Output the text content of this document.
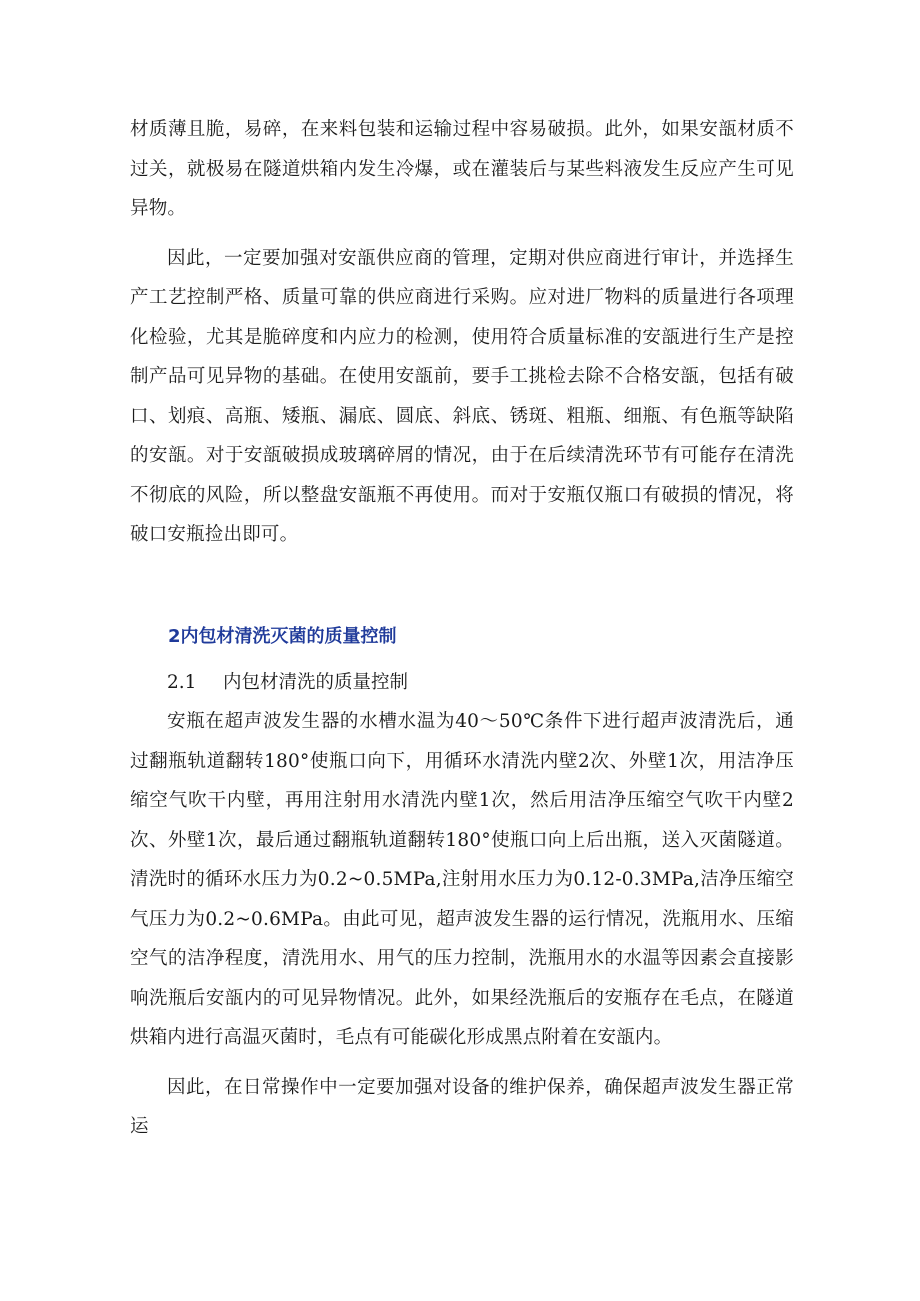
材质薄且脆，易碎，在来料包装和运输过程中容易破损。此外，如果安瓿材质不过关，就极易在隧道烘箱内发生冷爆，或在灌装后与某些料液发生反应产生可见异物。

因此，一定要加强对安瓿供应商的管理，定期对供应商进行审计，并选择生产工艺控制严格、质量可靠的供应商进行采购。应对进厂物料的质量进行各项理化检验，尤其是脆碎度和内应力的检测，使用符合质量标准的安瓿进行生产是控制产品可见异物的基础。在使用安瓿前，要手工挑检去除不合格安瓿，包括有破口、划痕、高瓶、矮瓶、漏底、圆底、斜底、锈斑、粗瓶、细瓶、有色瓶等缺陷的安瓿。对于安瓿破损成玻璃碎屑的情况，由于在后续清洗环节有可能存在清洗不彻底的风险，所以整盘安瓿瓶不再使用。而对于安瓶仅瓶口有破损的情况，将破口安瓶捡出即可。

2内包材清洗灭菌的质量控制

2.1 内包材清洗的质量控制

安瓶在超声波发生器的水槽水温为40～50℃条件下进行超声波清洗后，通过翻瓶轨道翻转180°使瓶口向下，用循环水清洗内壁2次、外壁1次，用洁净压缩空气吹干内壁，再用注射用水清洗内壁1次，然后用洁净压缩空气吹干内壁2次、外壁1次，最后通过翻瓶轨道翻转180°使瓶口向上后出瓶，送入灭菌隧道。清洗时的循环水压力为0.2~0.5MPa,注射用水压力为0.12-0.3MPa,洁净压缩空气压力为0.2~0.6MPa。由此可见，超声波发生器的运行情况，洗瓶用水、压缩空气的洁净程度，清洗用水、用气的压力控制，洗瓶用水的水温等因素会直接影响洗瓶后安瓿内的可见异物情况。此外，如果经洗瓶后的安瓶存在毛点，在隧道烘箱内进行高温灭菌时，毛点有可能碳化形成黑点附着在安瓿内。

因此，在日常操作中一定要加强对设备的维护保养，确保超声波发生器正常运
